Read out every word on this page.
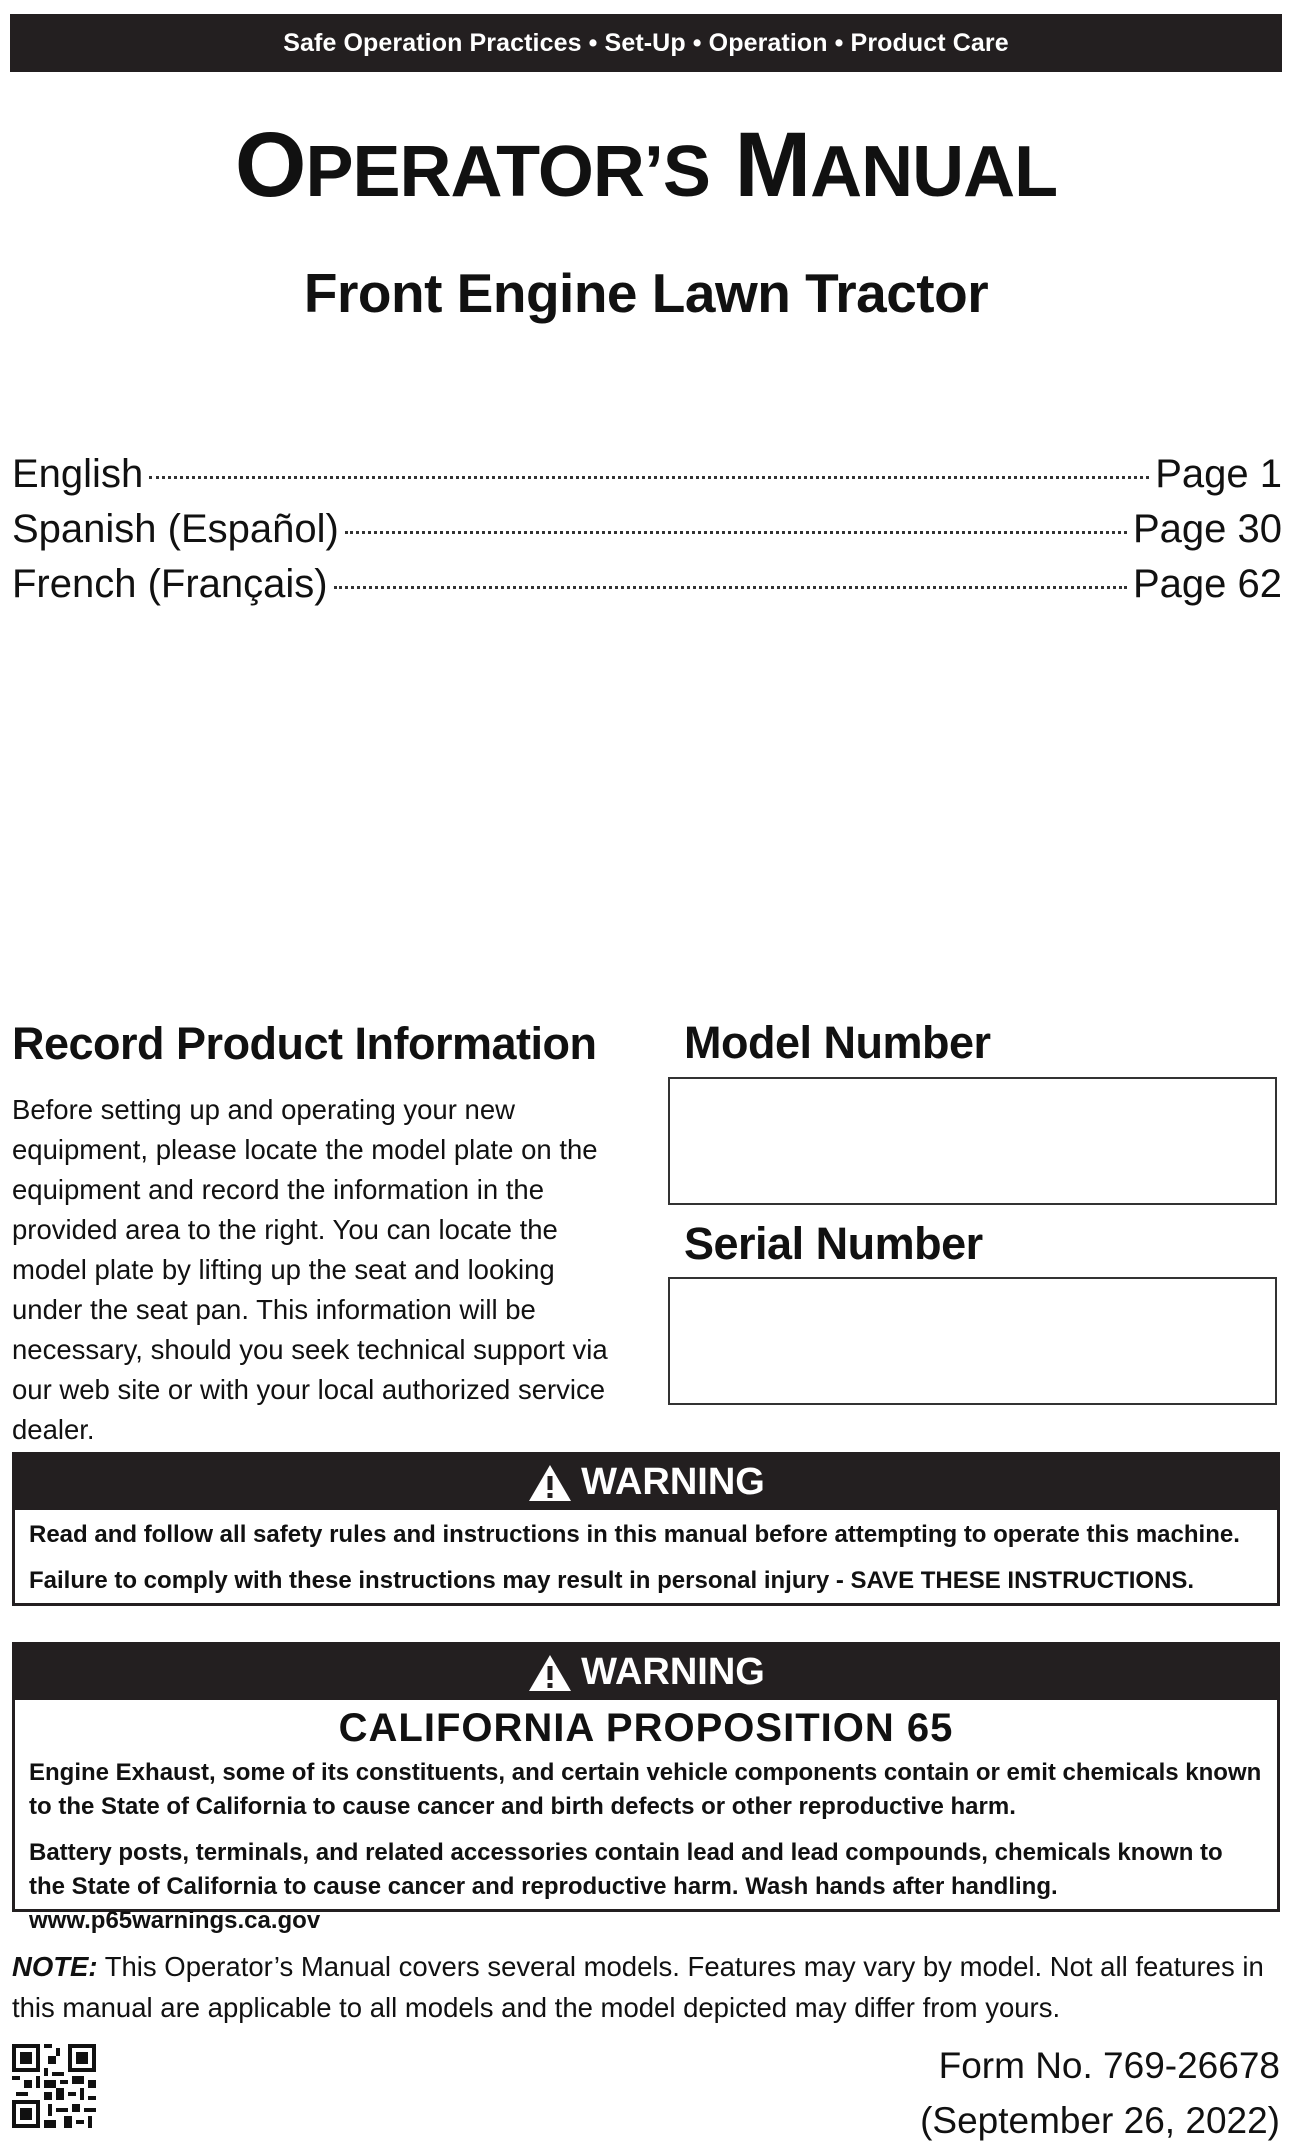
Safe Operation Practices • Set-Up • Operation • Product Care
OPERATOR’S MANUAL
Front Engine Lawn Tractor
English	Page 1
Spanish (Español)	Page 30
French (Français)	Page 62
Record Product Information
Before setting up and operating your new equipment, please locate the model plate on the equipment and record the information in the provided area to the right. You can locate the model plate by lifting up the seat and looking under the seat pan. This information will be necessary, should you seek technical support via our web site or with your local authorized service dealer.
Model Number
Serial Number
WARNING

Read and follow all safety rules and instructions in this manual before attempting to operate this machine.

Failure to comply with these instructions may result in personal injury - SAVE THESE INSTRUCTIONS.

WARNING
CALIFORNIA PROPOSITION 65

Engine Exhaust, some of its constituents, and certain vehicle components contain or emit chemicals known to the State of California to cause cancer and birth defects or other reproductive harm.

Battery posts, terminals, and related accessories contain lead and lead compounds, chemicals known to the State of California to cause cancer and reproductive harm. Wash hands after handling. www.p65warnings.ca.gov

NOTE: This Operator’s Manual covers several models. Features may vary by model. Not all features in this manual are applicable to all models and the model depicted may differ from yours.
Form No. 769-26678
(September 26, 2022)
